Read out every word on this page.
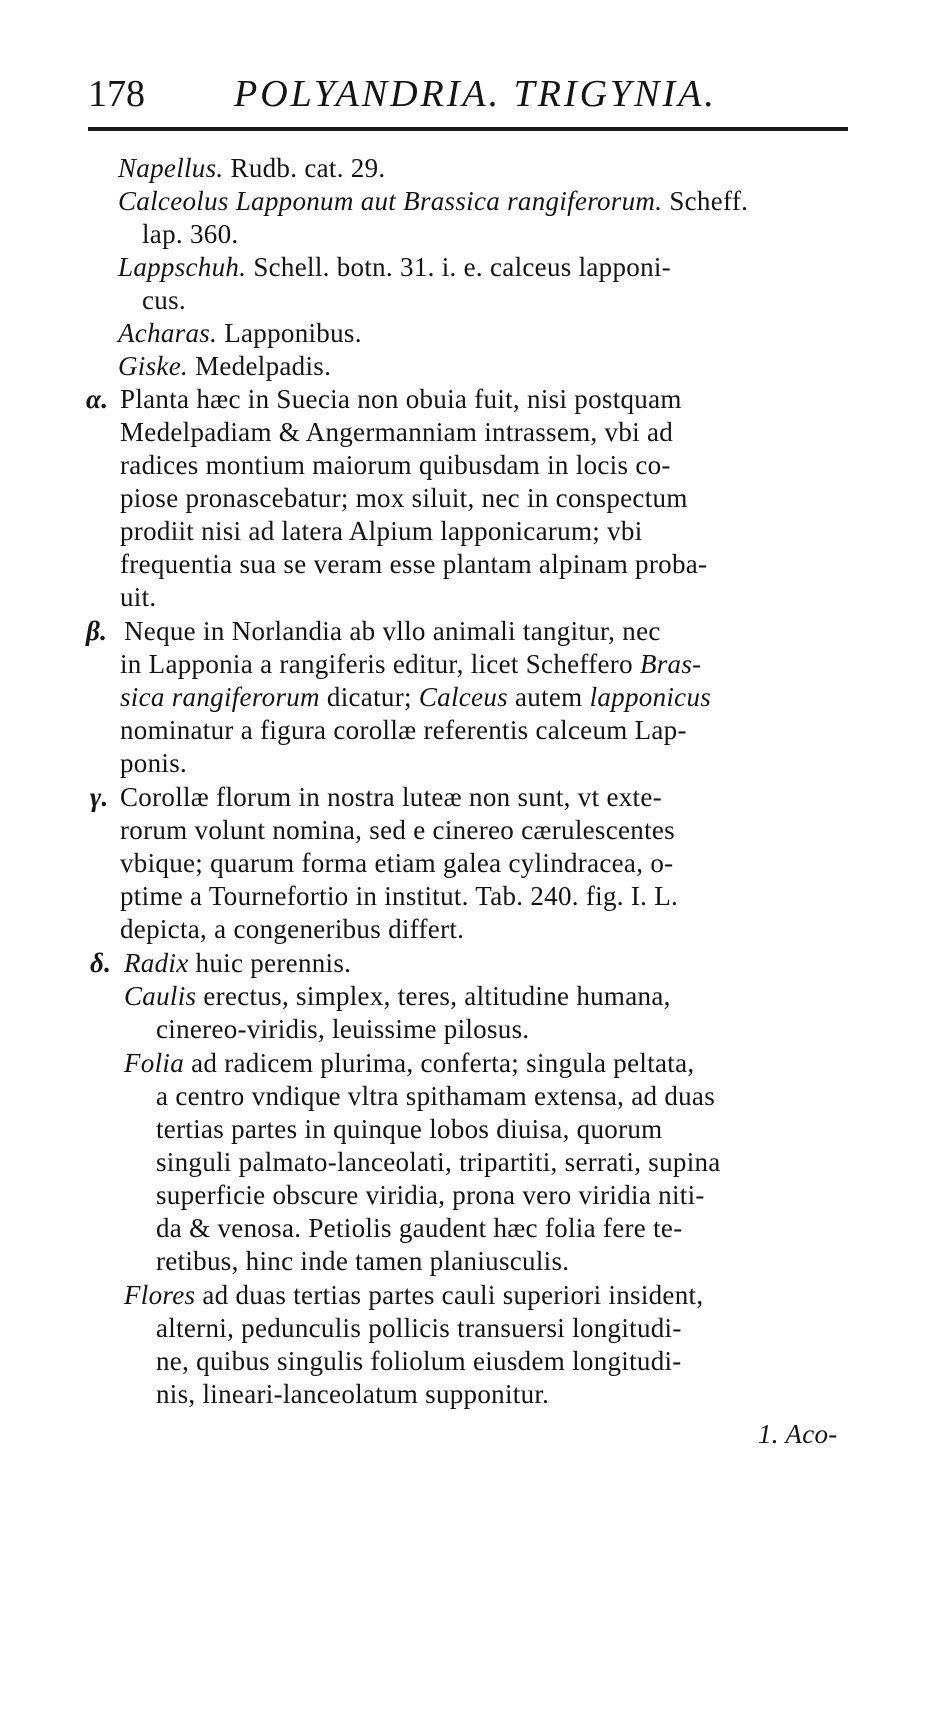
178 POLYANDRIA. TRIGYNIA.
Napellus. Rudb. cat. 29.
Calceolus Lapponum aut Brassica rangiferorum. Scheff.
lap. 360.
Lappschuh. Schell. botn. 31. i. e. calceus lapponi-
cus.
Acharas. Lapponibus.
Giske. Medelpadis.
α. Planta hæc in Suecia non obuia fuit, nisi postquam
Medelpadiam & Angermanniam intrassem, vbi ad
radices montium maiorum quibusdam in locis co-
piose pronascebatur; mox siluit, nec in conspectum
prodiit nisi ad latera Alpium lapponicarum; vbi
frequentia sua se veram esse plantam alpinam proba-
uit.
β. Neque in Norlandia ab vllo animali tangitur, nec
in Lapponia a rangiferis editur, licet Scheffero Bras-
sica rangiferorum dicatur; Calceus autem lapponicus
nominatur a figura corollæ referentis calceum Lap-
ponis.
γ. Corollæ florum in nostra luteæ non sunt, vt exte-
rorum volunt nomina, sed e cinereo cærulescentes
vbique; quarum forma etiam galea cylindracea, o-
ptime a Tournefortio in institut. Tab. 240. fig. I. L.
depicta, a congeneribus differt.
δ. Radix huic perennis.
Caulis erectus, simplex, teres, altitudine humana,
cinereo-viridis, leuissime pilosus.
Folia ad radicem plurima, conferta; singula peltata,
a centro vndique vltra spithamam extensa, ad duas
tertias partes in quinque lobos diuisa, quorum
singuli palmato-lanceolati, tripartiti, serrati, supina
superficie obscure viridia, prona vero viridia niti-
da & venosa. Petiolis gaudent hæc folia fere te-
retibus, hinc inde tamen planiusculis.
Flores ad duas tertias partes cauli superiori insident,
alterni, pedunculis pollicis transuersi longitudi-
ne, quibus singulis foliolum eiusdem longitudi-
nis, lineari-lanceolatum supponitur.
1. Aco-
